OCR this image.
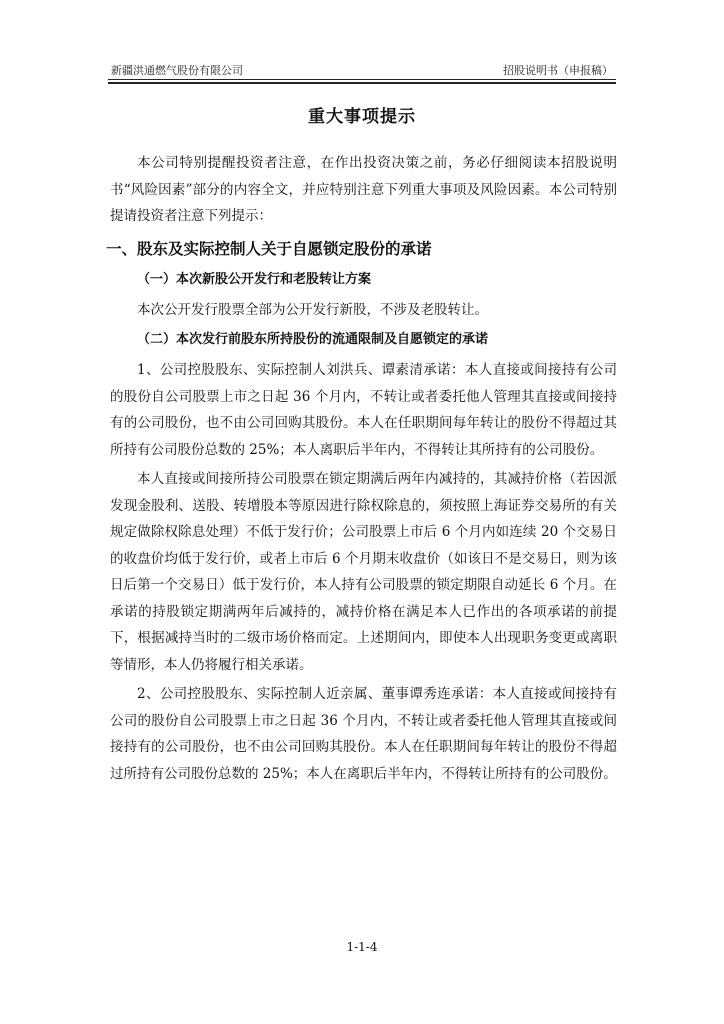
新疆洪通燃气股份有限公司	招股说明书（申报稿）
重大事项提示

本公司特别提醒投资者注意，在作出投资决策之前，务必仔细阅读本招股说明书“风险因素”部分的内容全文，并应特别注意下列重大事项及风险因素。本公司特别提请投资者注意下列提示：

一、股东及实际控制人关于自愿锁定股份的承诺
（一）本次新股公开发行和老股转让方案

本次公开发行股票全部为公开发行新股，不涉及老股转让。

（二）本次发行前股东所持股份的流通限制及自愿锁定的承诺

1、公司控股股东、实际控制人刘洪兵、谭素清承诺：本人直接或间接持有公司的股份自公司股票上市之日起 36 个月内，不转让或者委托他人管理其直接或间接持有的公司股份，也不由公司回购其股份。本人在任职期间每年转让的股份不得超过其所持有公司股份总数的 25%；本人离职后半年内，不得转让其所持有的公司股份。

本人直接或间接所持公司股票在锁定期满后两年内减持的，其减持价格（若因派发现金股利、送股、转增股本等原因进行除权除息的，须按照上海证券交易所的有关规定做除权除息处理）不低于发行价；公司股票上市后 6 个月内如连续 20 个交易日的收盘价均低于发行价，或者上市后 6 个月期末收盘价（如该日不是交易日，则为该日后第一个交易日）低于发行价，本人持有公司股票的锁定期限自动延长 6 个月。在承诺的持股锁定期满两年后减持的，减持价格在满足本人已作出的各项承诺的前提下，根据减持当时的二级市场价格而定。上述期间内，即使本人出现职务变更或离职等情形，本人仍将履行相关承诺。

2、公司控股股东、实际控制人近亲属、董事谭秀连承诺：本人直接或间接持有公司的股份自公司股票上市之日起 36 个月内，不转让或者委托他人管理其直接或间接持有的公司股份，也不由公司回购其股份。本人在任职期间每年转让的股份不得超过所持有公司股份总数的 25%；本人在离职后半年内，不得转让所持有的公司股份。

1-1-4
